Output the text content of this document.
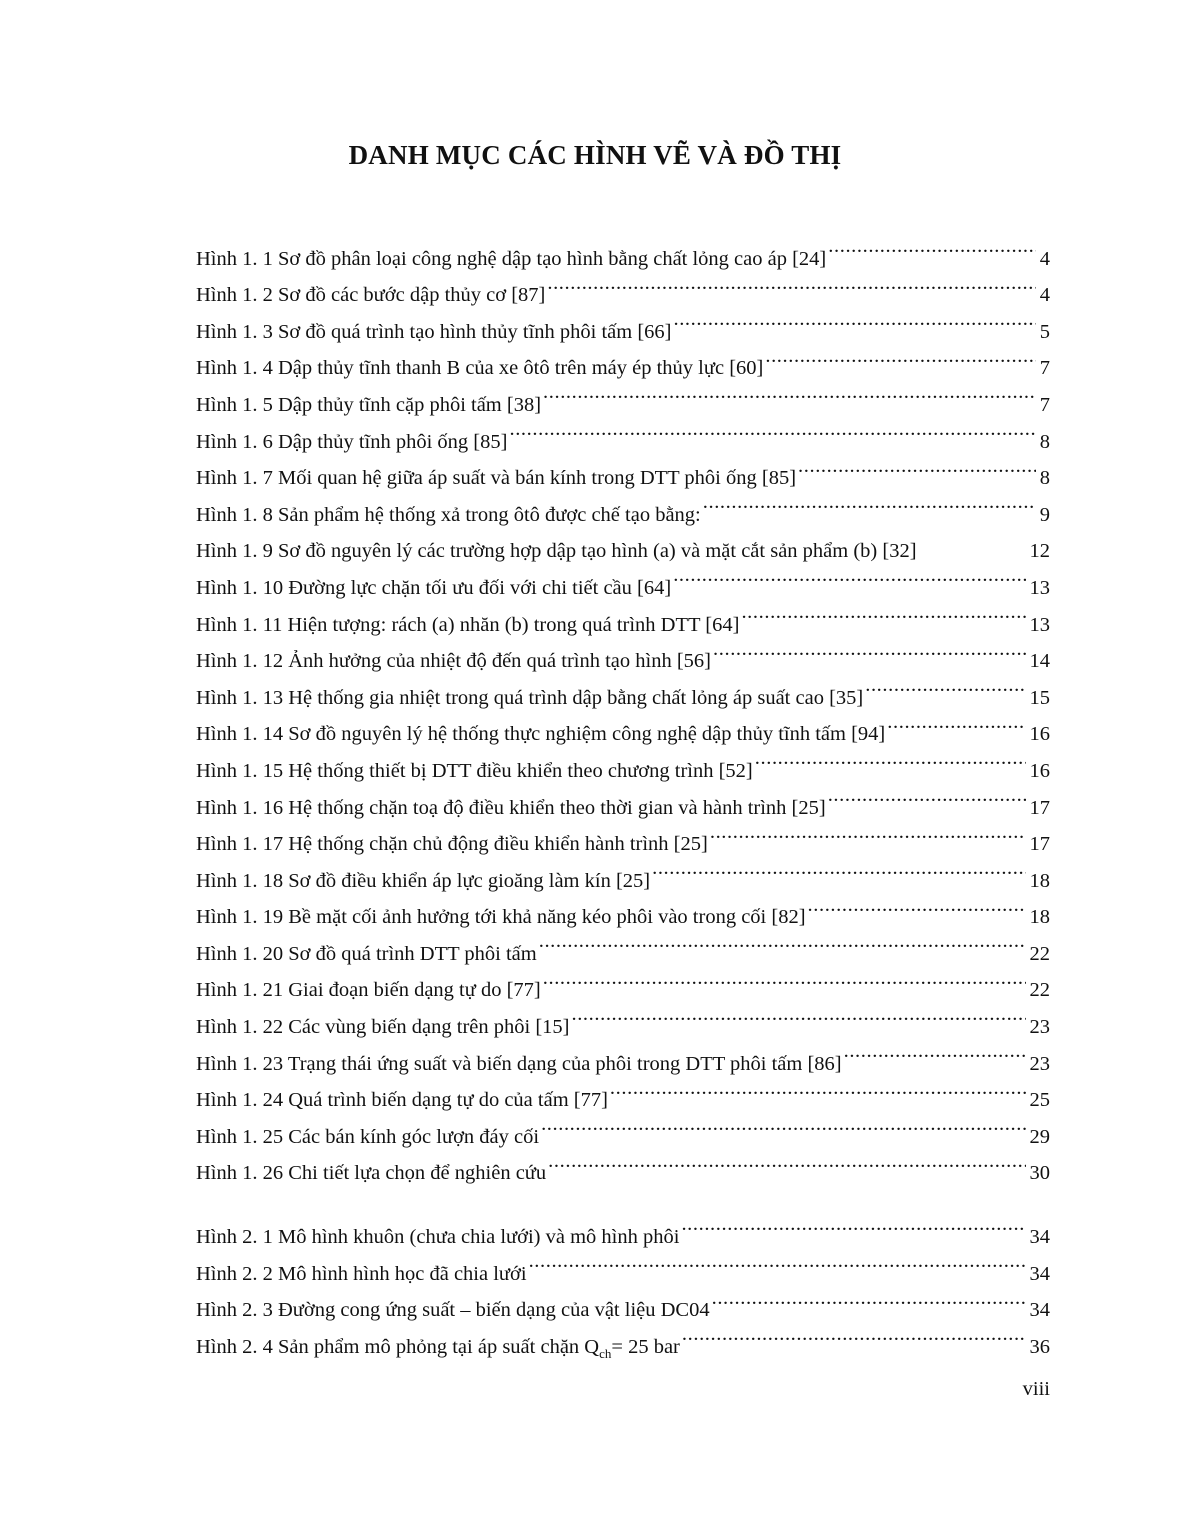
DANH MỤC CÁC HÌNH VẼ VÀ ĐỒ THỊ
Hình 1. 1 Sơ đồ phân loại công nghệ dập tạo hình bằng chất lỏng cao áp [24] .....	4
Hình 1. 2 Sơ đồ các bước dập thủy cơ [87] .....	4
Hình 1. 3 Sơ đồ quá trình tạo hình thủy tĩnh phôi tấm [66] .....	5
Hình 1. 4 Dập thủy tĩnh thanh B của xe ôtô trên máy ép thủy lực [60] .....	7
Hình 1. 5 Dập thủy tĩnh cặp phôi tấm [38] .....	7
Hình 1. 6 Dập thủy tĩnh phôi ống [85] .....	8
Hình 1. 7 Mối quan hệ giữa áp suất và bán kính trong DTT phôi ống [85] .....	8
Hình 1. 8 Sản phẩm hệ thống xả trong ôtô được chế tạo bằng: .....	9
Hình 1. 9 Sơ đồ nguyên lý các trường hợp dập tạo hình (a) và mặt cắt sản phẩm (b) [32]	12
Hình 1. 10 Đường lực chặn tối ưu đối với chi tiết cầu [64] .....	13
Hình 1. 11 Hiện tượng: rách (a) nhăn (b) trong quá trình DTT [64] .....	13
Hình 1. 12 Ảnh hưởng của nhiệt độ đến quá trình tạo hình [56] .....	14
Hình 1. 13 Hệ thống gia nhiệt trong quá trình dập bằng chất lỏng áp suất cao [35] .....	15
Hình 1. 14 Sơ đồ nguyên lý hệ thống thực nghiệm công nghệ dập thủy tĩnh tấm [94] .....	16
Hình 1. 15 Hệ thống thiết bị DTT điều khiển theo chương trình [52] .....	16
Hình 1. 16 Hệ thống chặn toạ độ điều khiển theo thời gian và hành trình [25] .....	17
Hình 1. 17 Hệ thống chặn chủ động điều khiển hành trình [25] .....	17
Hình 1. 18 Sơ đồ điều khiển áp lực gioăng làm kín [25] .....	18
Hình 1. 19 Bề mặt cối ảnh hưởng tới khả năng kéo phôi vào trong cối [82] .....	18
Hình 1. 20 Sơ đồ quá trình DTT phôi tấm .....	22
Hình 1. 21 Giai đoạn biến dạng tự do [77] .....	22
Hình 1. 22 Các vùng biến dạng trên phôi [15] .....	23
Hình 1. 23 Trạng thái ứng suất và biến dạng của phôi trong DTT phôi tấm [86] .....	23
Hình 1. 24 Quá trình biến dạng tự do của tấm [77] .....	25
Hình 1. 25 Các bán kính góc lượn đáy cối .....	29
Hình 1. 26 Chi tiết lựa chọn để nghiên cứu .....	30
Hình 2. 1 Mô hình khuôn (chưa chia lưới) và mô hình phôi .....	34
Hình 2. 2 Mô hình hình học đã chia lưới .....	34
Hình 2. 3 Đường cong ứng suất – biến dạng của vật liệu DC04 .....	34
Hình 2. 4 Sản phẩm mô phỏng tại áp suất chặn $Q_{ch}= 25$ bar .....	36
viii
